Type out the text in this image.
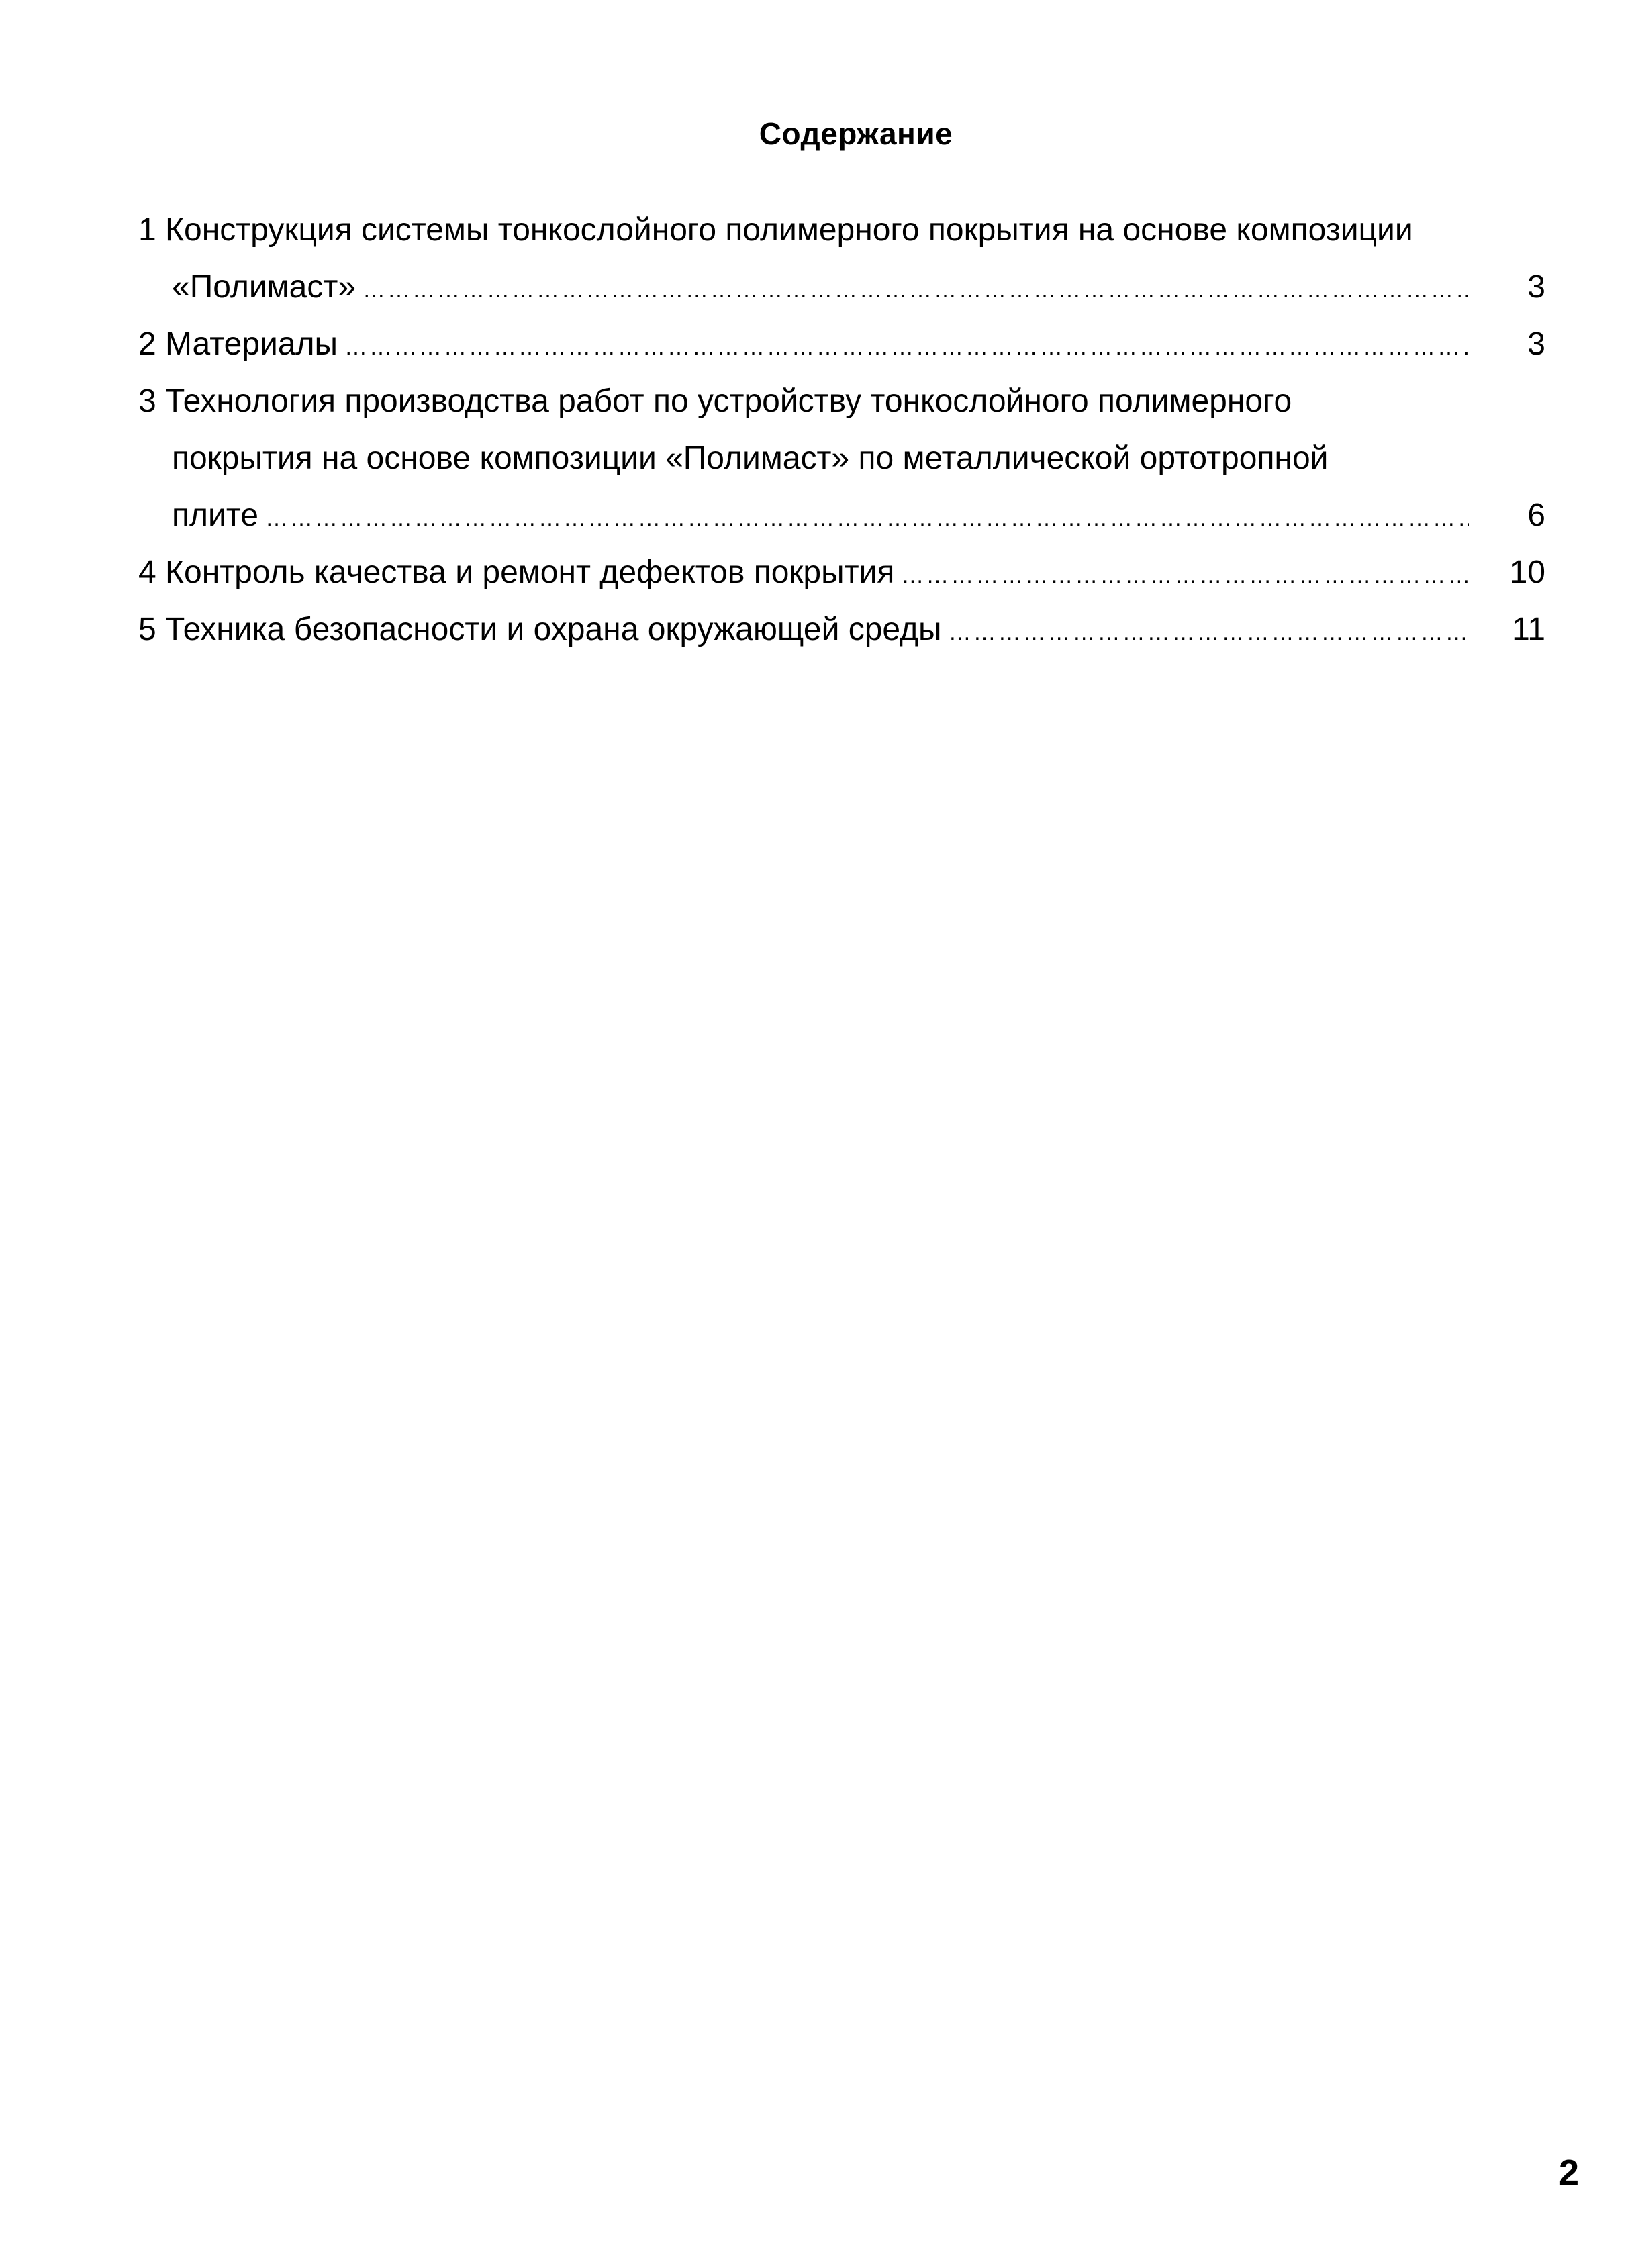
Содержание
1 Конструкция системы тонкослойного полимерного покрытия на основе композиции
«Полимаст» ………………………………………………………………………………………………………………………………………………………………………………………………………………………………………………	3
2 Материалы ………………………………………………………………………………………………………………………………………………………………………………………………………………………………………………	3
3 Технология производства работ по устройству тонкослойного полимерного
покрытия на основе композиции «Полимаст» по металлической ортотропной
плите ………………………………………………………………………………………………………………………………………………………………………………………………………………………………………………	6
4 Контроль качества и ремонт дефектов покрытия ………………………………………………………………………………………………………………………………………………………………………………………………………………………………………………	10
5 Техника безопасности и охрана окружающей среды ………………………………………………………………………………………………………………………………………………………………………………………………………………………………………………	11
2
